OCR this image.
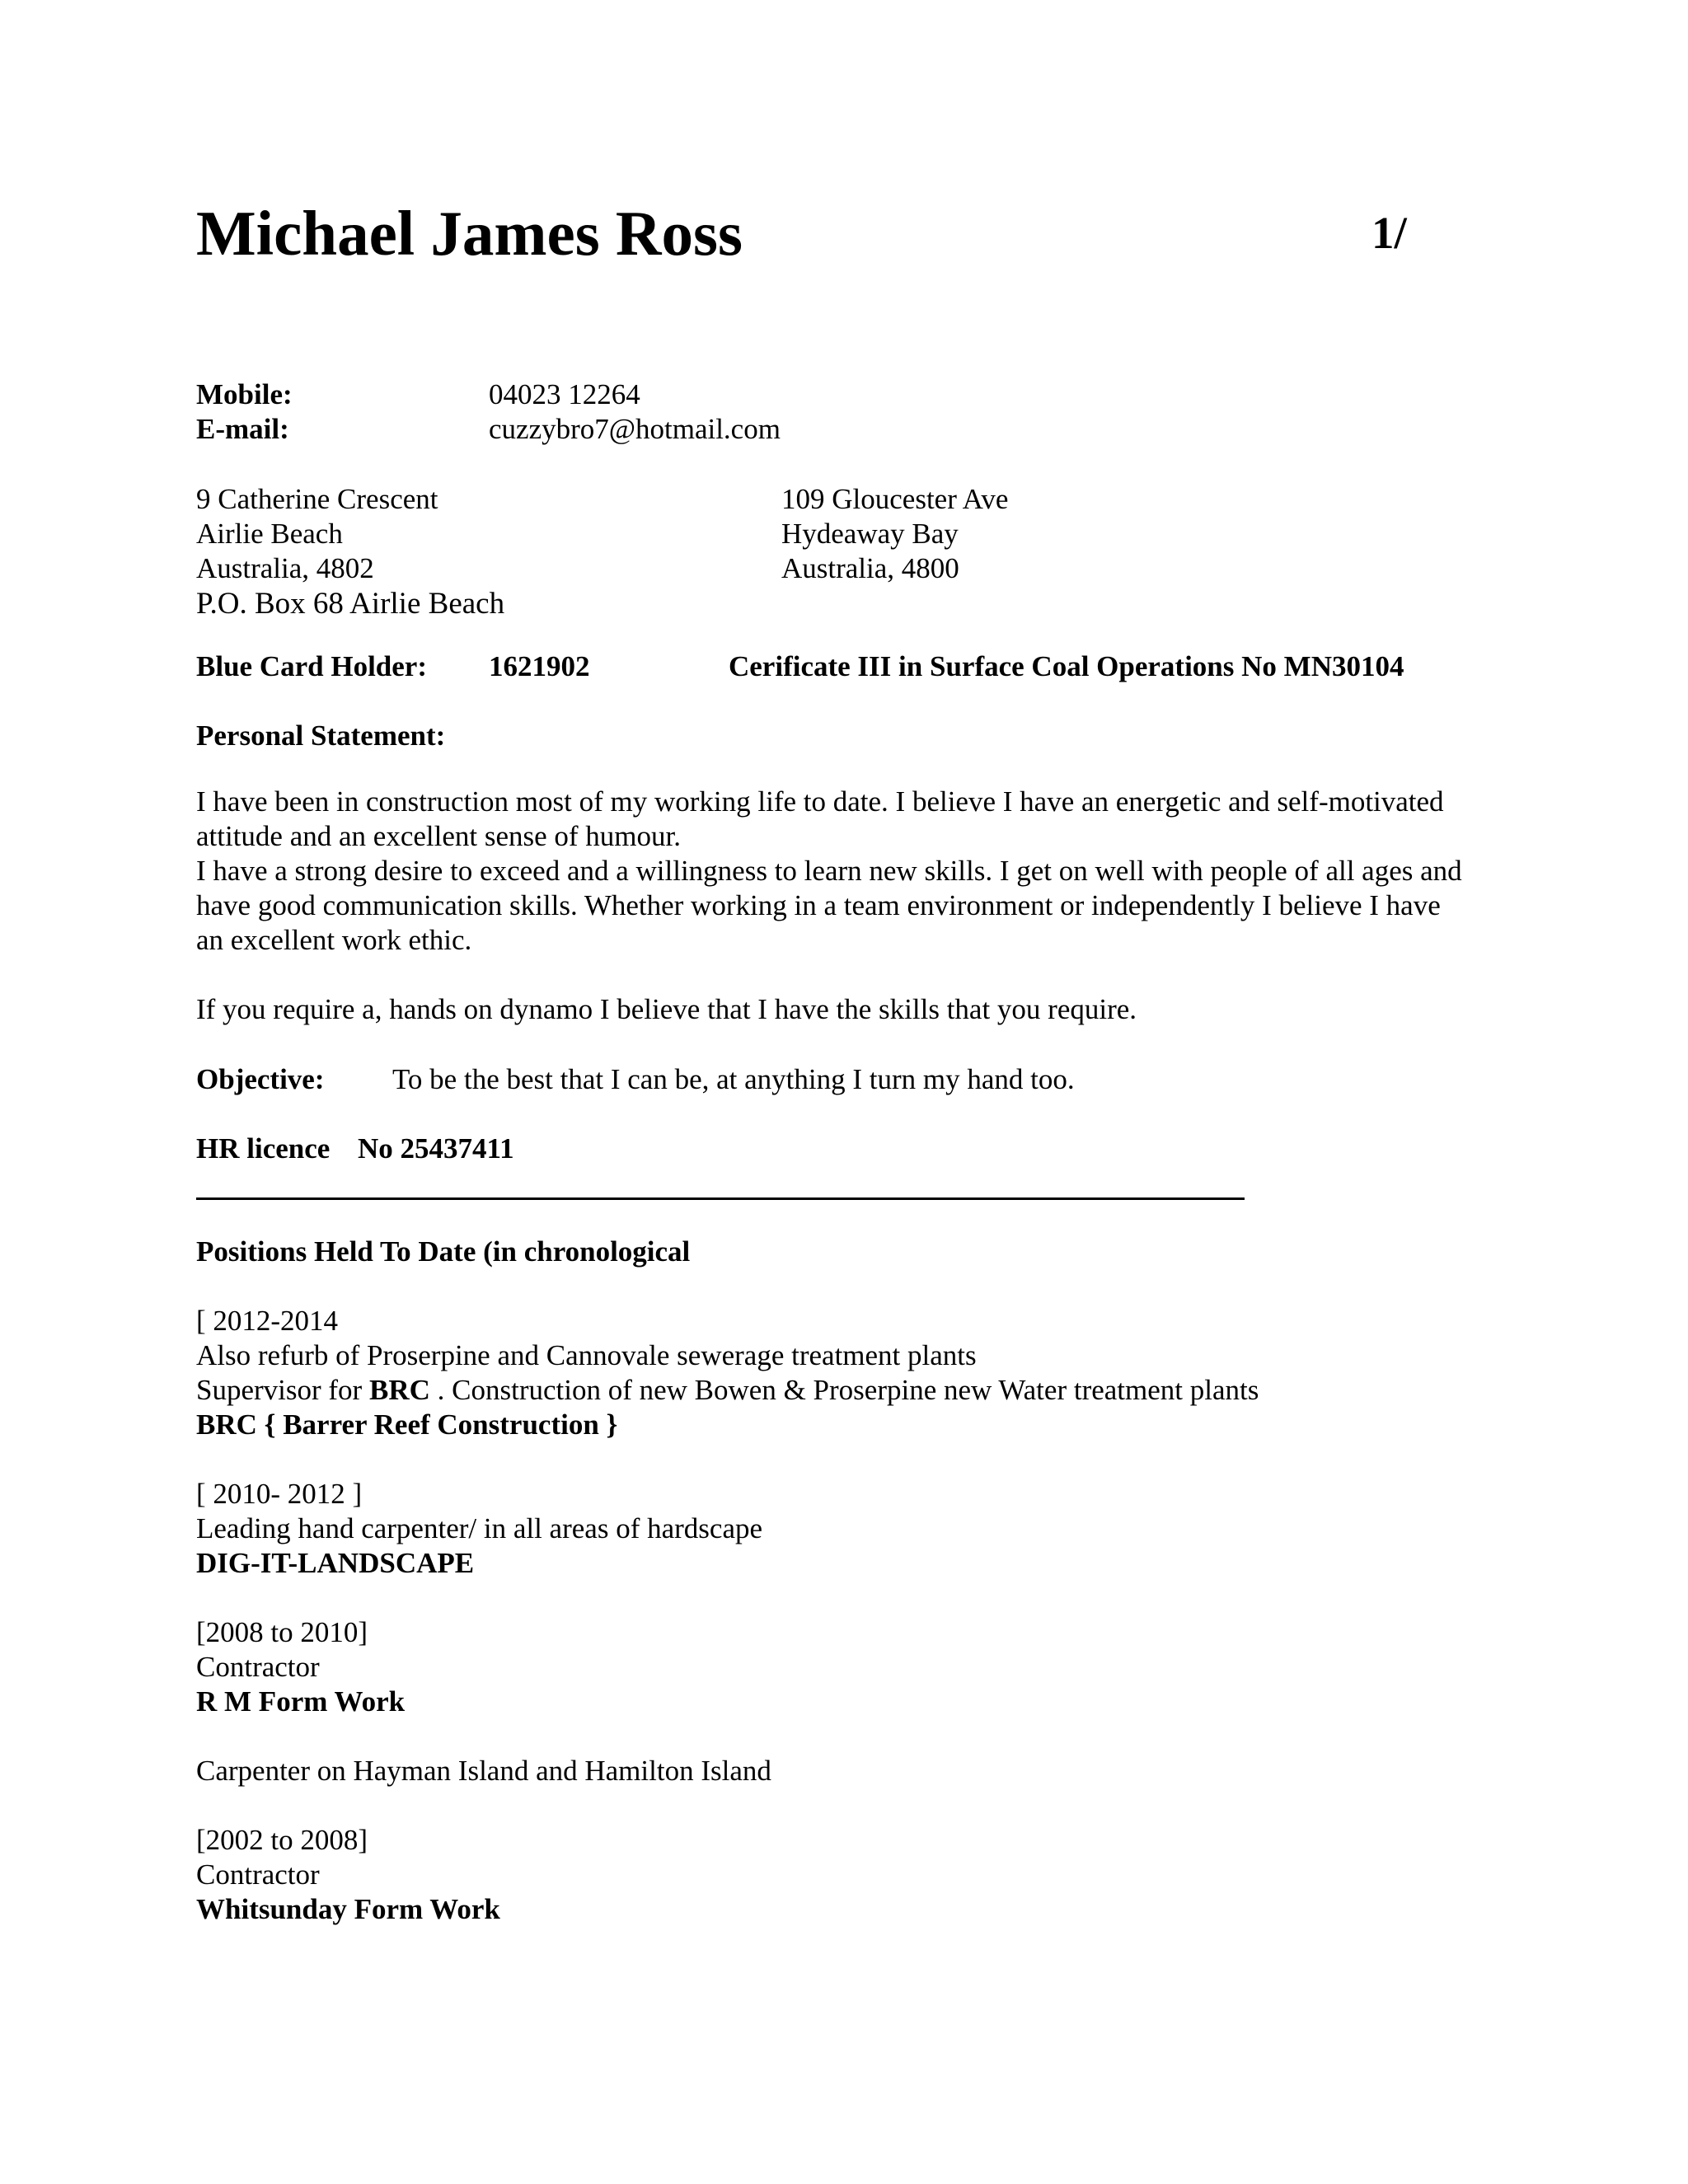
Michael James Ross	1/
Mobile:	04023 12264
E-mail:	cuzzybro7@hotmail.com
9 Catherine Crescent
Airlie Beach
Australia, 4802
P.O. Box 68 Airlie Beach
109 Gloucester Ave
Hydeaway Bay
Australia, 4800
Blue Card Holder: 1621902	Cerificate III in Surface Coal Operations No MN30104
Personal Statement:
I have been in construction most of my working life to date. I believe I have an energetic and self-motivated attitude and an excellent sense of humour.
I have a strong desire to exceed and a willingness to learn new skills. I get on well with people of all ages and have good communication skills. Whether working in a team environment or independently I believe I have an excellent work ethic.
If you require a, hands on dynamo I believe that I have the skills that you require.
Objective: To be the best that I can be, at anything I turn my hand too.
HR licence No 25437411
Positions Held To Date (in chronological
[ 2012-2014
Also refurb of Proserpine and Cannovale sewerage treatment plants
Supervisor for BRC . Construction of new Bowen & Proserpine new Water treatment plants
BRC { Barrer Reef Construction }
[ 2010- 2012 ]
Leading hand carpenter/ in all areas of hardscape
DIG-IT-LANDSCAPE
[2008 to 2010]
Contractor
R M Form Work
Carpenter on Hayman Island and Hamilton Island
[2002 to 2008]
Contractor
Whitsunday Form Work
